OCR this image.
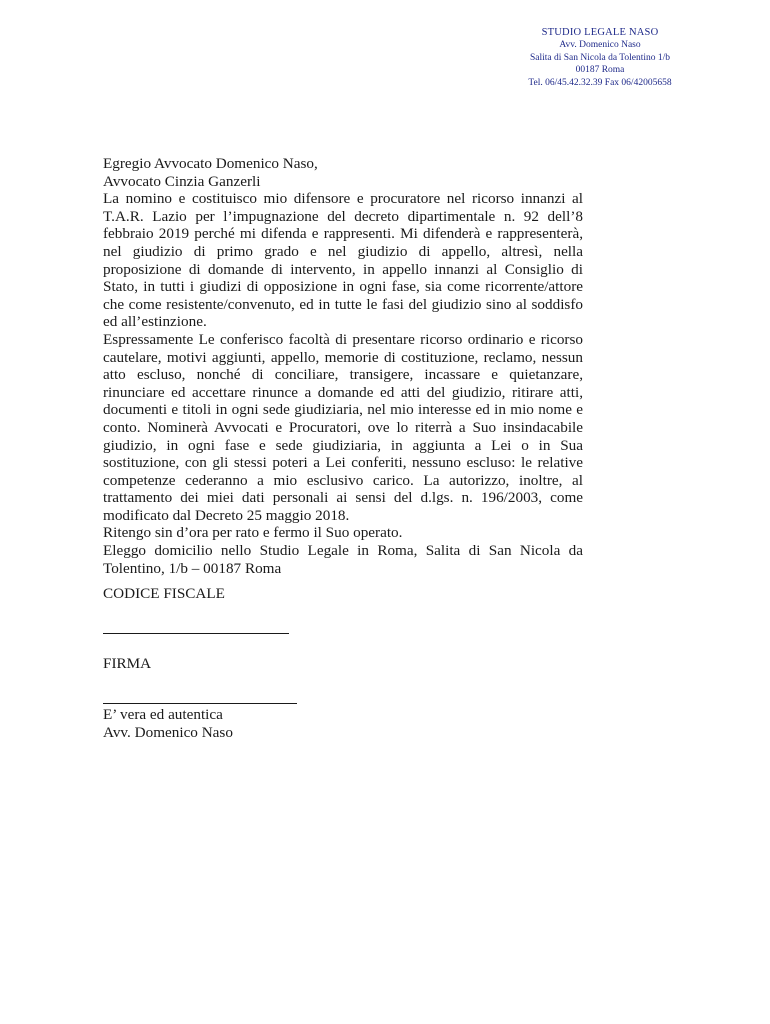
STUDIO LEGALE NASO
Avv. Domenico Naso
Salita di San Nicola da Tolentino 1/b
00187 Roma
Tel. 06/45.42.32.39 Fax 06/42005658

Egregio Avvocato Domenico Naso,

Avvocato Cinzia Ganzerli

La nomino e costituisco mio difensore e procuratore nel ricorso innanzi al T.A.R. Lazio per l’impugnazione del decreto dipartimentale n. 92 dell’8 febbraio 2019 perché mi difenda e rappresenti. Mi difenderà e rappresenterà, nel giudizio di primo grado e nel giudizio di appello, altresì, nella proposizione di domande di intervento, in appello innanzi al Consiglio di Stato, in tutti i giudizi di opposizione in ogni fase, sia come ricorrente/attore che come resistente/convenuto, ed in tutte le fasi del giudizio sino al soddisfo ed all’estinzione.

Espressamente Le conferisco facoltà di presentare ricorso ordinario e ricorso cautelare, motivi aggiunti, appello, memorie di costituzione, reclamo, nessun atto escluso, nonché di conciliare, transigere, incassare e quietanzare, rinunciare ed accettare rinunce a domande ed atti del giudizio, ritirare atti, documenti e titoli in ogni sede giudiziaria, nel mio interesse ed in mio nome e conto. Nominerà Avvocati e Procuratori, ove lo riterrà a Suo insindacabile giudizio, in ogni fase e sede giudiziaria, in aggiunta a Lei o in Sua sostituzione, con gli stessi poteri a Lei conferiti, nessuno escluso: le relative competenze cederanno a mio esclusivo carico. La autorizzo, inoltre, al trattamento dei miei dati personali ai sensi del d.lgs. n. 196/2003, come modificato dal Decreto 25 maggio 2018.

Ritengo sin d’ora per rato e fermo il Suo operato.

Eleggo domicilio nello Studio Legale in Roma, Salita di San Nicola da Tolentino, 1/b – 00187 Roma

CODICE FISCALE
FIRMA
E’ vera ed autentica
Avv. Domenico Naso
